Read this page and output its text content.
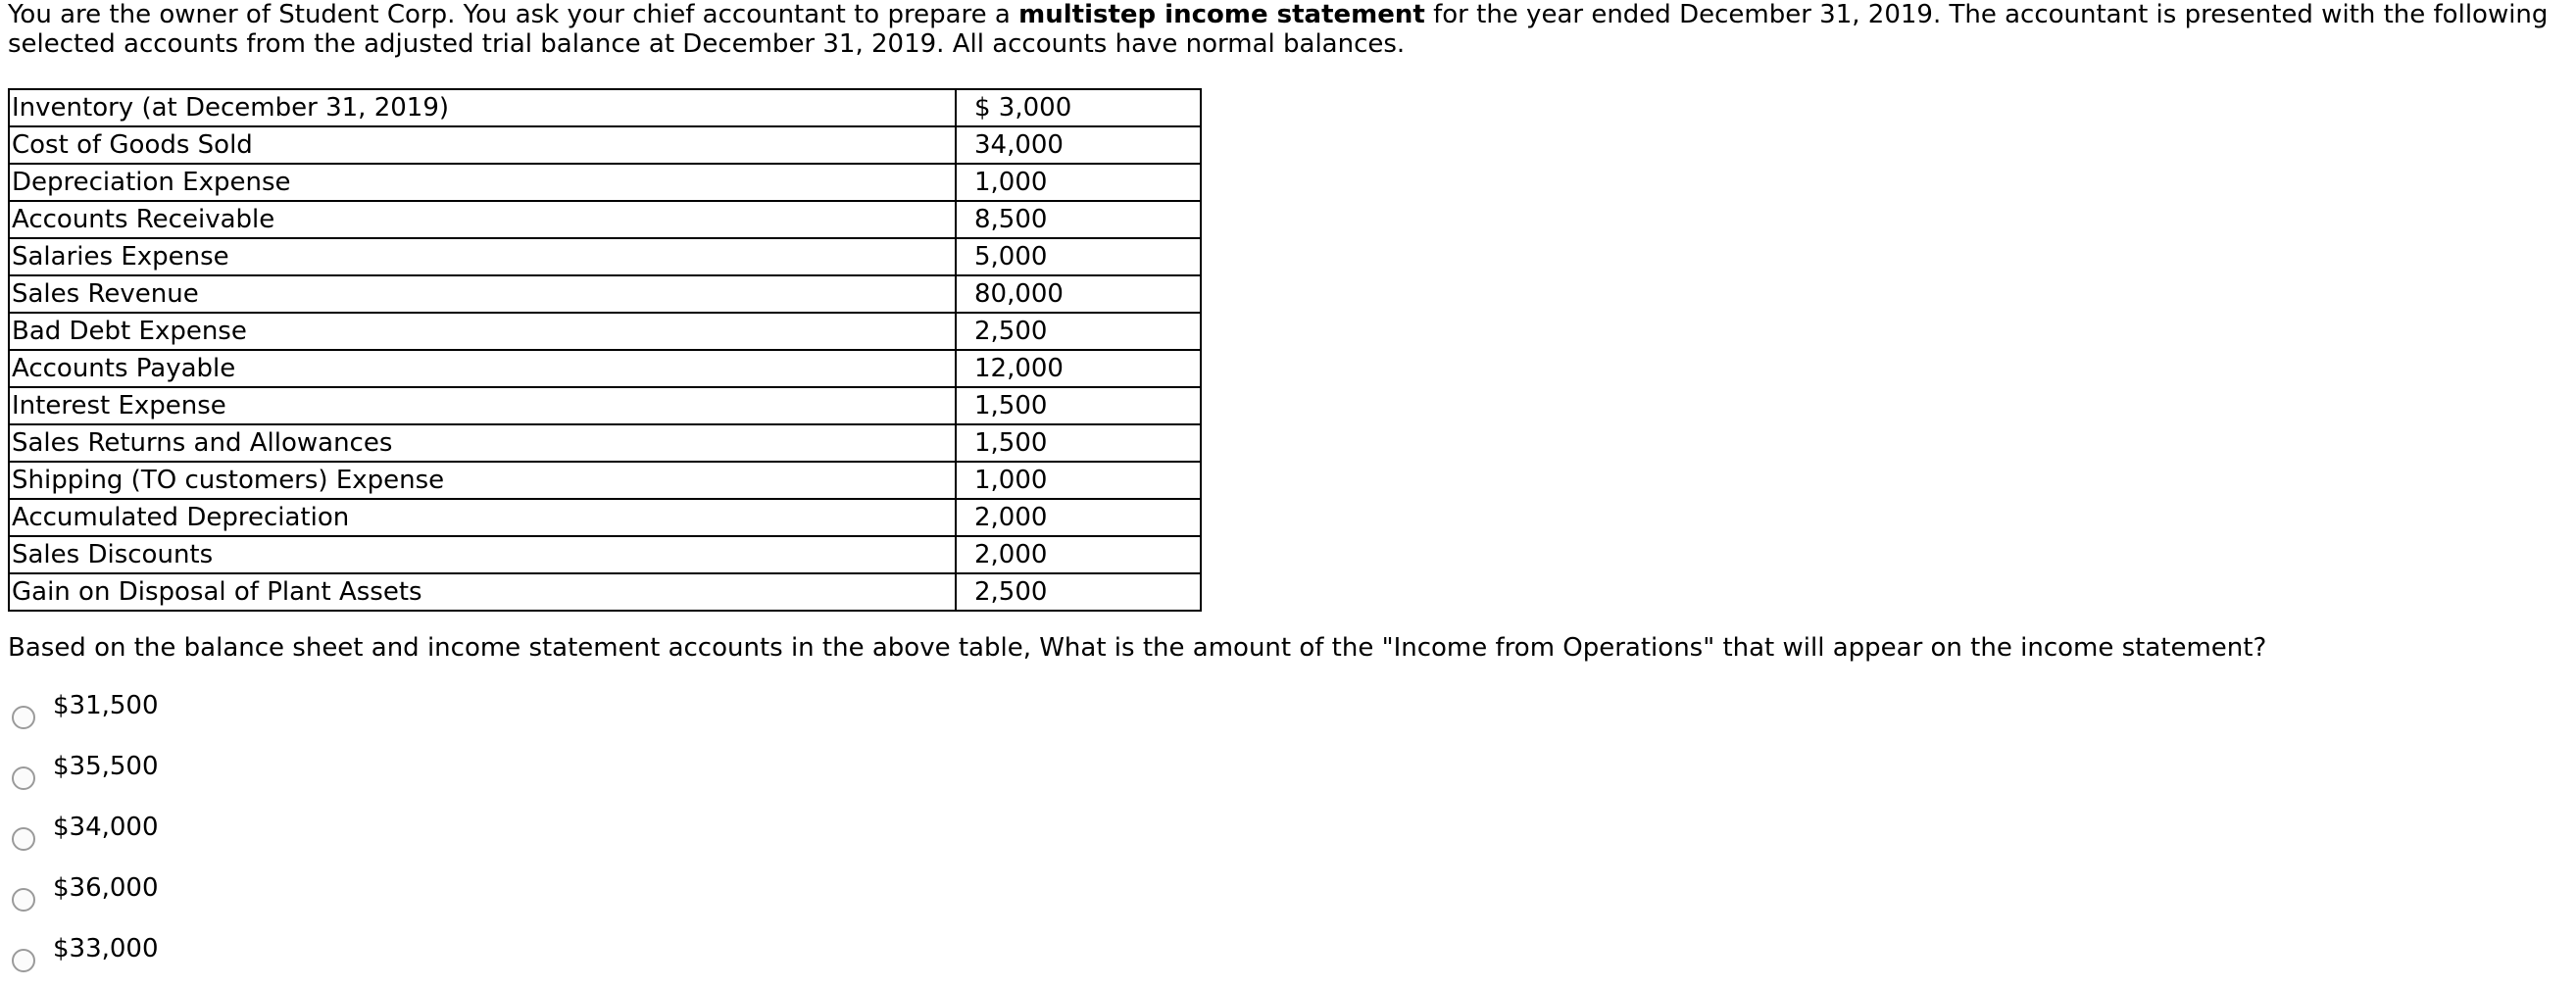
You are the owner of Student Corp. You ask your chief accountant to prepare a multistep income statement for the year ended December 31, 2019. The accountant is presented with the following selected accounts from the adjusted trial balance at December 31, 2019. All accounts have normal balances.

Inventory (at December 31, 2019)	$ 3,000
Cost of Goods Sold	34,000
Depreciation Expense	1,000
Accounts Receivable	8,500
Salaries Expense	5,000
Sales Revenue	80,000
Bad Debt Expense	2,500
Accounts Payable	12,000
Interest Expense	1,500
Sales Returns and Allowances	1,500
Shipping (TO customers) Expense	1,000
Accumulated Depreciation	2,000
Sales Discounts	2,000
Gain on Disposal of Plant Assets	2,500

Based on the balance sheet and income statement accounts in the above table, What is the amount of the "Income from Operations" that will appear on the income statement?

$31,500
$35,500
$34,000
$36,000
$33,000
